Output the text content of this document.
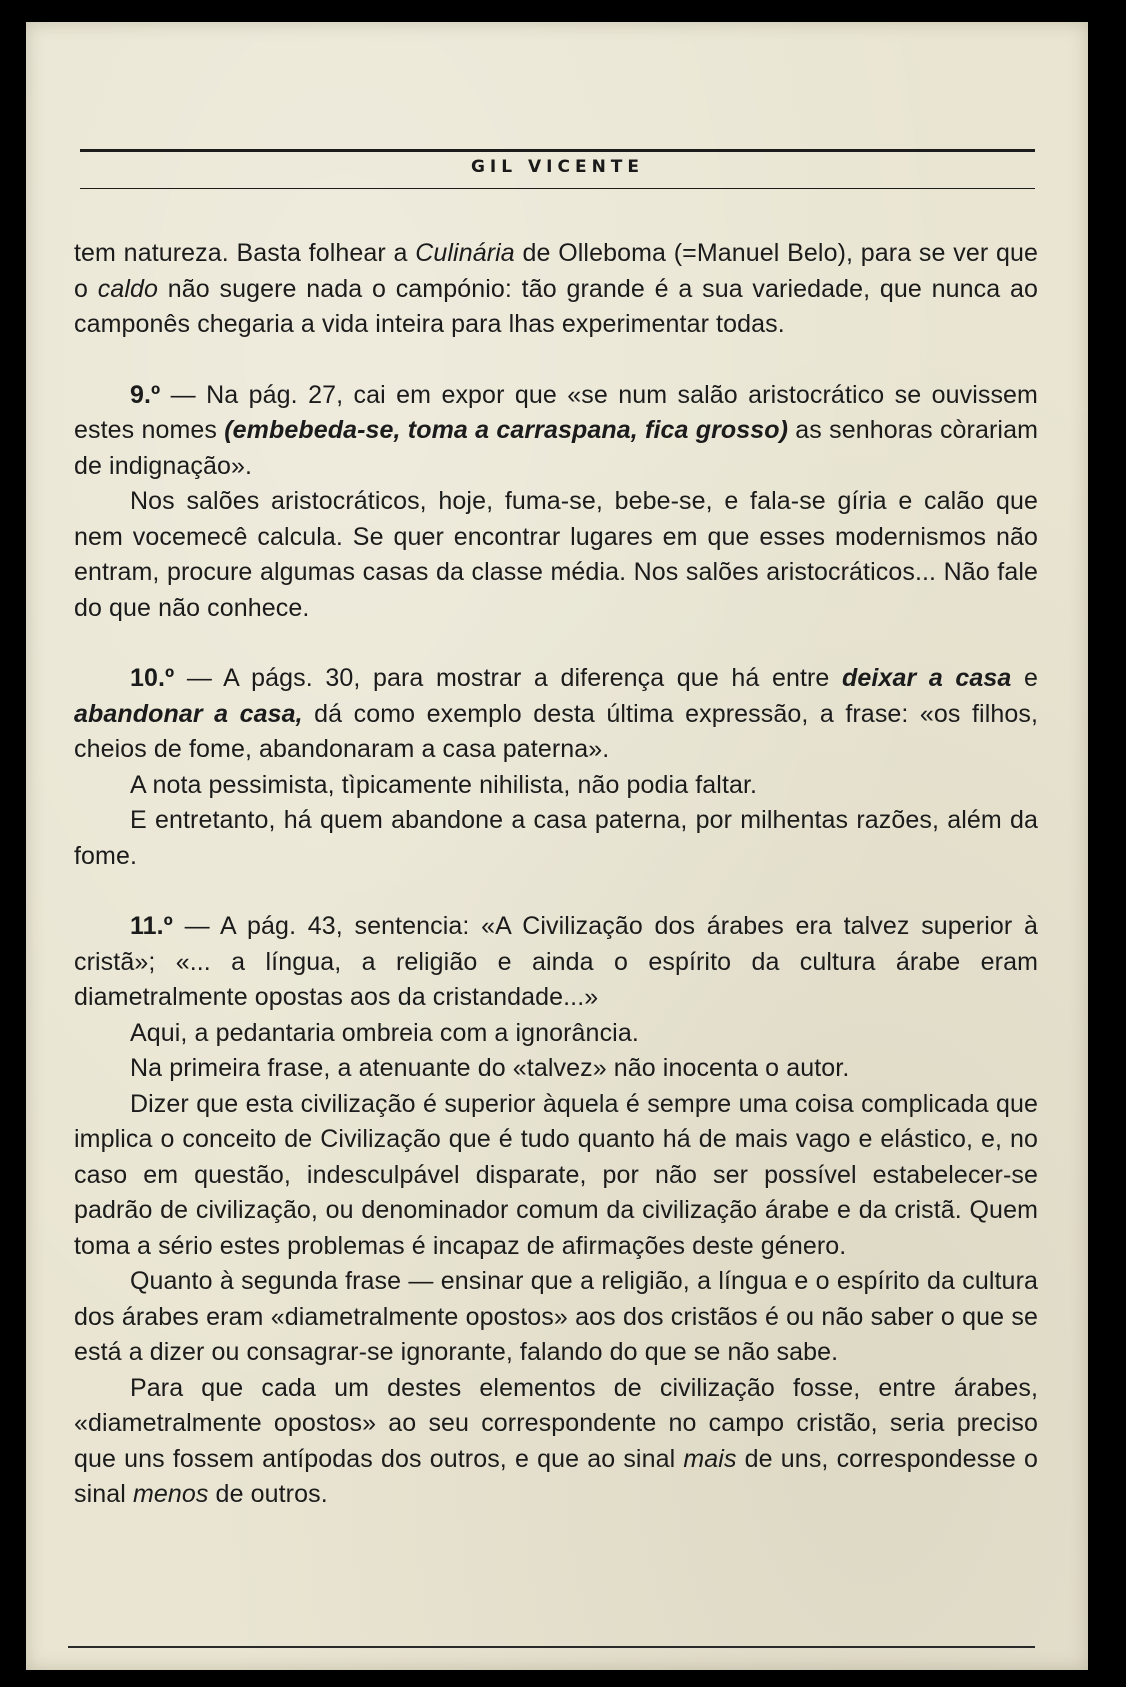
GIL VICENTE

tem natureza. Basta folhear a Culinária de Olleboma (=Manuel Belo), para se ver que o caldo não sugere nada o campónio: tão grande é a sua variedade, que nunca ao camponês chegaria a vida inteira para lhas experimentar todas.

9.º — Na pág. 27, cai em expor que «se num salão aristocrático se ouvissem estes nomes (embebeda-se, toma a carraspana, fica grosso) as senhoras còrariam de indignação».

Nos salões aristocráticos, hoje, fuma-se, bebe-se, e fala-se gíria e calão que nem vocemecê calcula. Se quer encontrar lugares em que esses modernismos não entram, procure algumas casas da classe média. Nos salões aristocráticos... Não fale do que não conhece.

10.º — A págs. 30, para mostrar a diferença que há entre deixar a casa e abandonar a casa, dá como exemplo desta última expressão, a frase: «os filhos, cheios de fome, abandonaram a casa paterna».

A nota pessimista, tìpicamente nihilista, não podia faltar.

E entretanto, há quem abandone a casa paterna, por milhentas razões, além da fome.

11.º — A pág. 43, sentencia: «A Civilização dos árabes era talvez superior à cristã»; «... a língua, a religião e ainda o espírito da cultura árabe eram diametralmente opostas aos da cristandade...»

Aqui, a pedantaria ombreia com a ignorância.

Na primeira frase, a atenuante do «talvez» não inocenta o autor.

Dizer que esta civilização é superior àquela é sempre uma coisa complicada que implica o conceito de Civilização que é tudo quanto há de mais vago e elástico, e, no caso em questão, indesculpável disparate, por não ser possível estabelecer-se padrão de civilização, ou denominador comum da civilização árabe e da cristã. Quem toma a sério estes problemas é incapaz de afirmações deste género.

Quanto à segunda frase — ensinar que a religião, a língua e o espírito da cultura dos árabes eram «diametralmente opostos» aos dos cristãos é ou não saber o que se está a dizer ou consagrar-se ignorante, falando do que se não sabe.

Para que cada um destes elementos de civilização fosse, entre árabes, «diametralmente opostos» ao seu correspondente no campo cristão, seria preciso que uns fossem antípodas dos outros, e que ao sinal mais de uns, correspondesse o sinal menos de outros.
